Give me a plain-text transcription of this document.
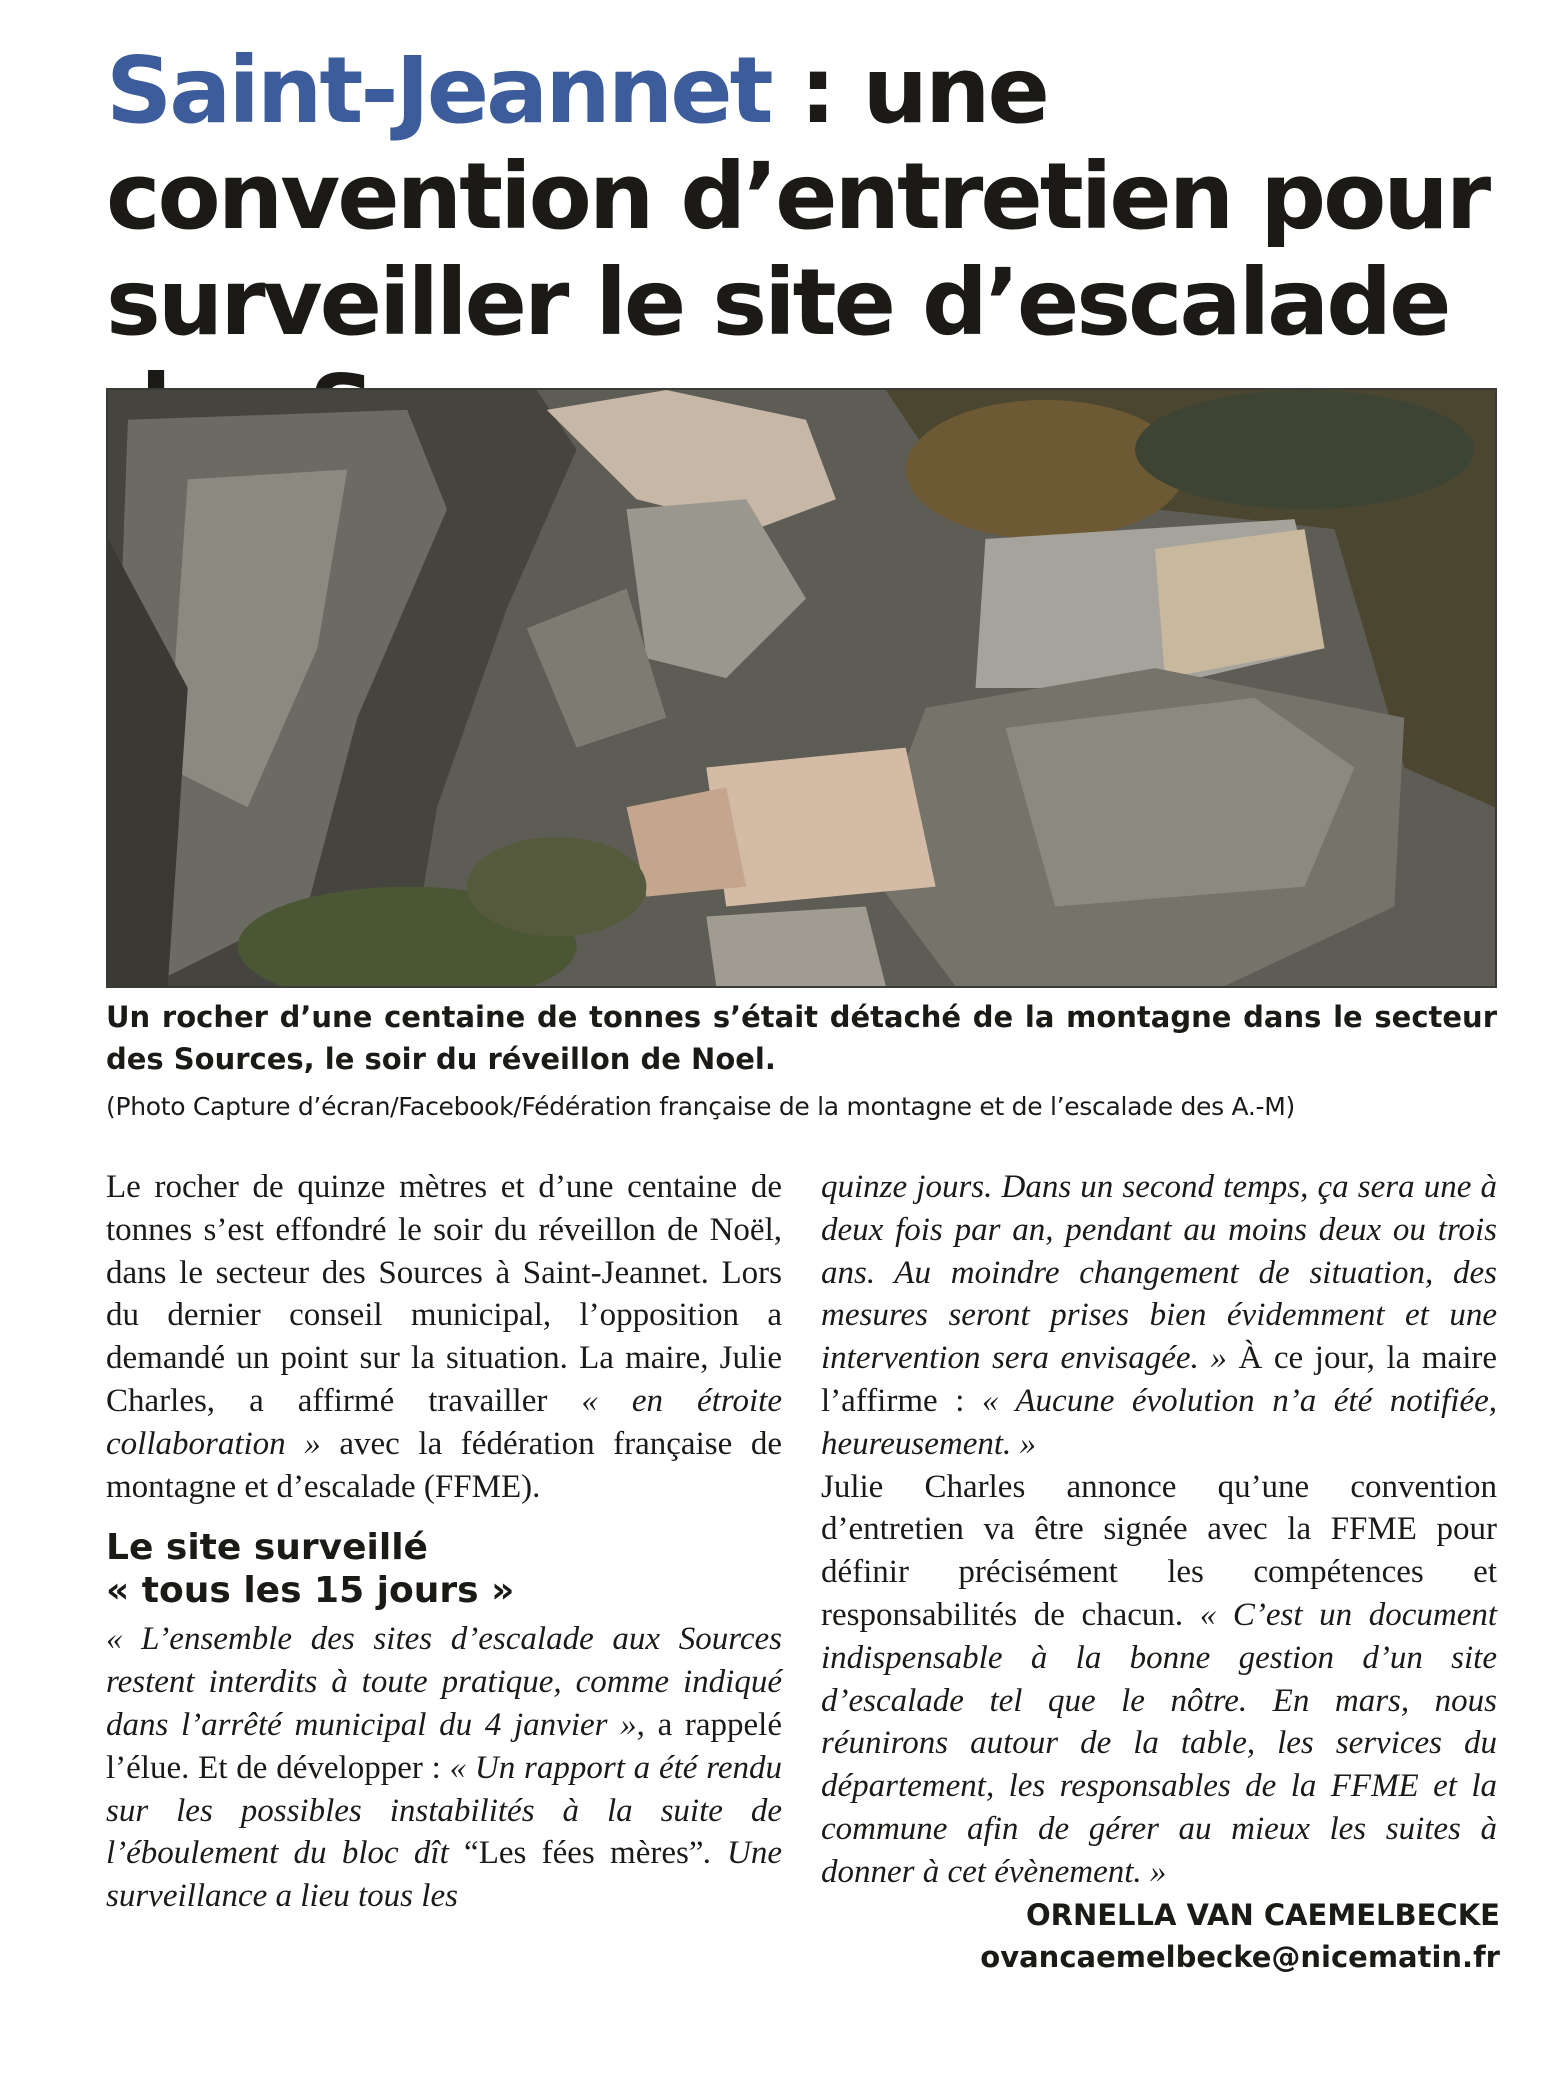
Saint-Jeannet : une convention d’entretien pour surveiller le site d’escalade

Un rocher d’une centaine de tonnes s’était détaché de la montagne dans le secteur des Sources, le soir du réveillon de Noel.

(Photo Capture d’écran/Facebook/Fédération française de la montagne et de l’escalade des A.-M)

Le rocher de quinze mètres et d’une centaine de tonnes s’est effondré le soir du réveillon de Noël, dans le secteur des Sources à Saint-Jeannet. Lors du dernier conseil municipal, l’opposition a demandé un point sur la situation. La maire, Julie Charles, a affirmé travailler « en étroite collaboration » avec la fédération française de montagne et d’escalade (FFME).

Le site surveillé
« tous les 15 jours »

« L’ensemble des sites d’escalade aux Sources restent interdits à toute pratique, comme indiqué dans l’arrêté municipal du 4 janvier », a rappelé l’élue. Et de développer : « Un rapport a été rendu sur les possibles instabilités à la suite de l’éboulement du bloc dît “Les fées mères”. Une surveillance a lieu tous les

quinze jours. Dans un second temps, ça sera une à deux fois par an, pendant au moins deux ou trois ans. Au moindre changement de situation, des mesures seront prises bien évidemment et une intervention sera envisagée. » À ce jour, la maire l’affirme : « Aucune évolution n’a été notifiée, heureusement. »

Julie Charles annonce qu’une convention d’entretien va être signée avec la FFME pour définir précisément les compétences et responsabilités de chacun. « C’est un document indispensable à la bonne gestion d’un site d’escalade tel que le nôtre. En mars, nous réunirons autour de la table, les services du département, les responsables de la FFME et la commune afin de gérer au mieux les suites à donner à cet évènement. »

ORNELLA VAN CAEMELBECKE
ovancaemelbecke@nicematin.fr
